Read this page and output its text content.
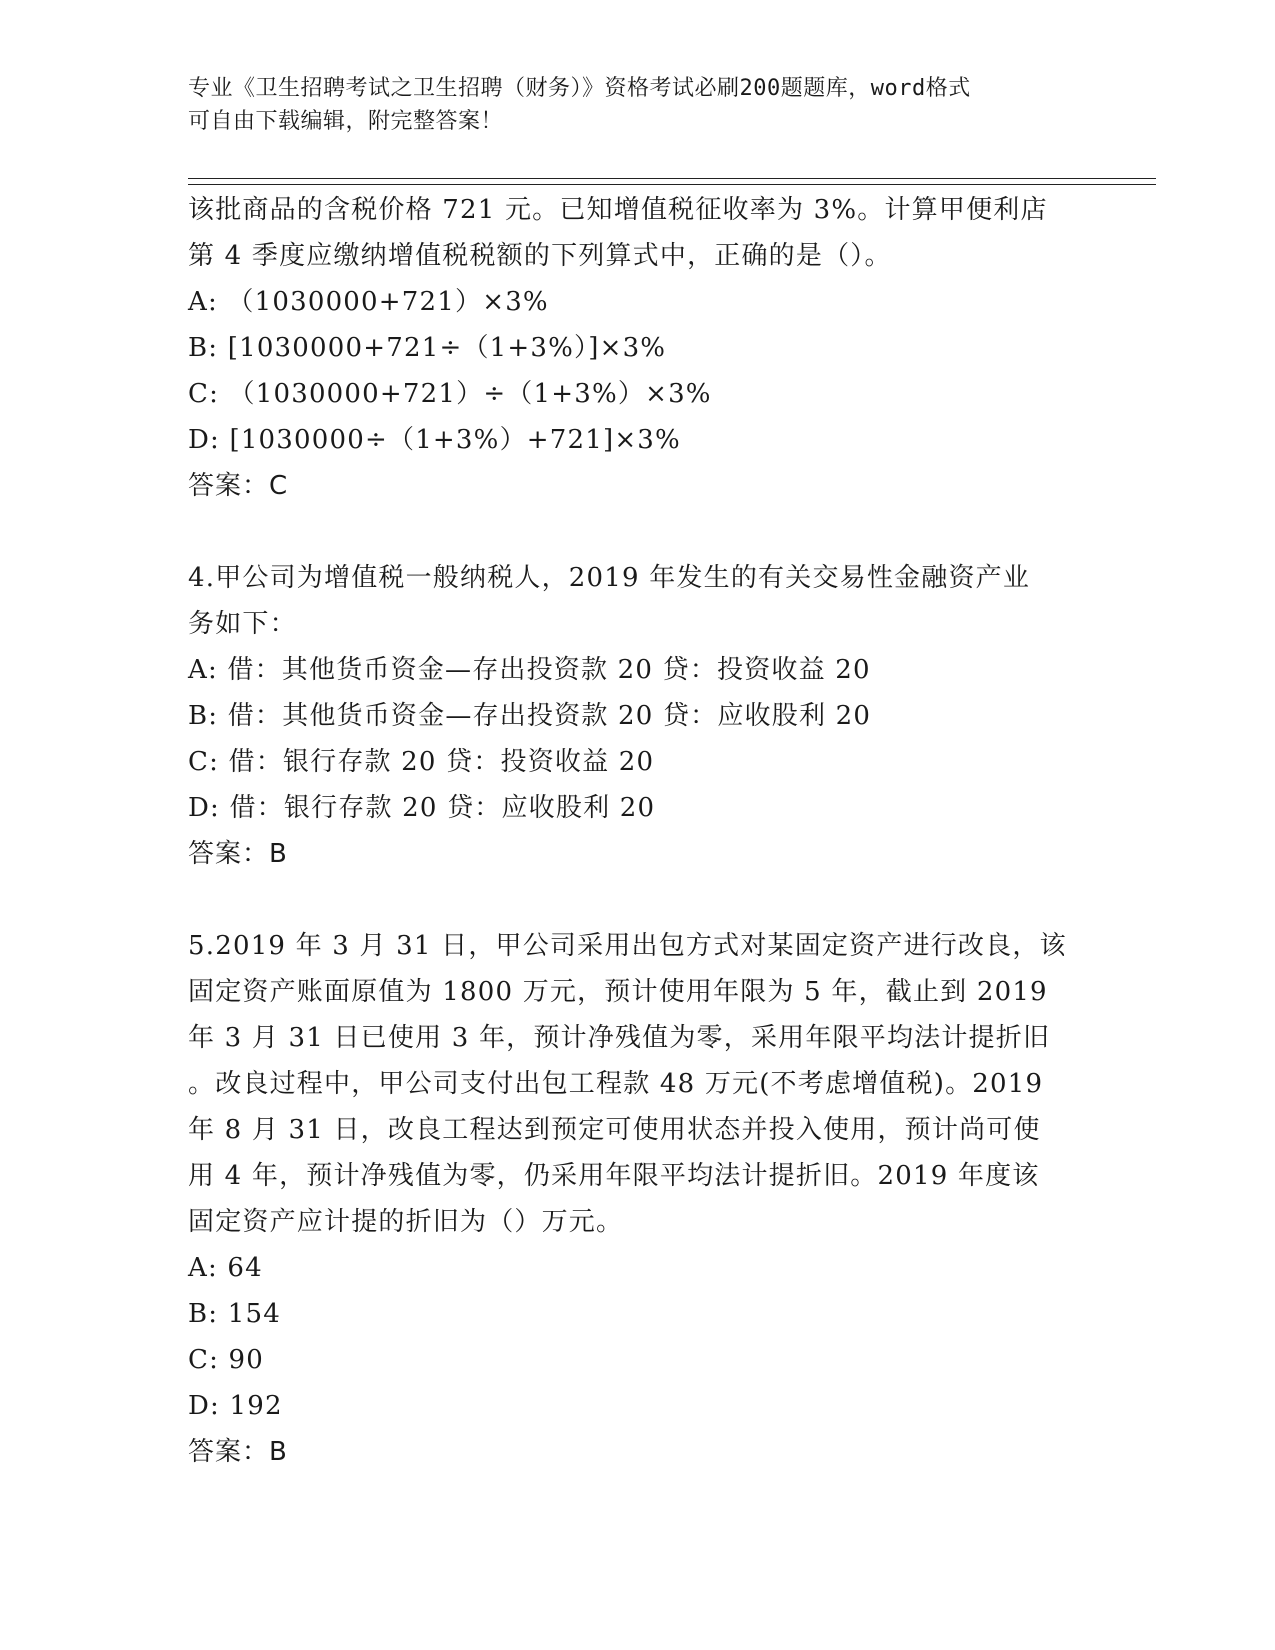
专业《卫生招聘考试之卫生招聘（财务）》资格考试必刷200题题库，word格式
可自由下载编辑，附完整答案！
该批商品的含税价格 721 元。已知增值税征收率为 3%。计算甲便利店
第 4 季度应缴纳增值税税额的下列算式中，正确的是（）。
A: （1030000+721）×3%
B: [1030000+721÷（1+3%）]×3%
C: （1030000+721）÷（1+3%）×3%
D: [1030000÷（1+3%）+721]×3%
答案：C
4.甲公司为增值税一般纳税人，2019 年发生的有关交易性金融资产业
务如下：
A: 借：其他货币资金—存出投资款 20 贷：投资收益 20
B: 借：其他货币资金—存出投资款 20 贷：应收股利 20
C: 借：银行存款 20 贷：投资收益 20
D: 借：银行存款 20 贷：应收股利 20
答案：B
5.2019 年 3 月 31 日，甲公司采用出包方式对某固定资产进行改良，该
固定资产账面原值为 1800 万元，预计使用年限为 5 年，截止到 2019
年 3 月 31 日已使用 3 年，预计净残值为零，采用年限平均法计提折旧
。改良过程中，甲公司支付出包工程款 48 万元(不考虑增值税)。2019
年 8 月 31 日，改良工程达到预定可使用状态并投入使用，预计尚可使
用 4 年，预计净残值为零，仍采用年限平均法计提折旧。2019 年度该
固定资产应计提的折旧为（）万元。
A: 64
B: 154
C: 90
D: 192
答案：B
